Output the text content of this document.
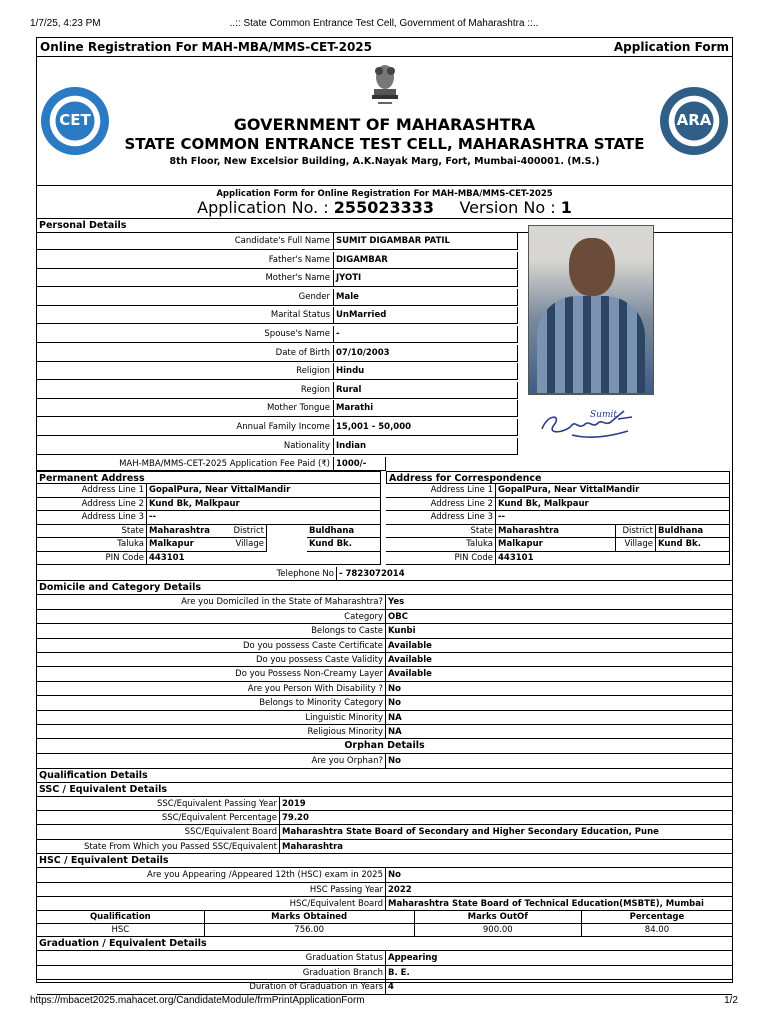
1/7/25, 4:23 PM	..:: State Common Entrance Test Cell, Government of Maharashtra ::..
Online Registration For MAH-MBA/MMS-CET-2025	Application Form
CET	ARA
GOVERNMENT OF MAHARASHTRA
STATE COMMON ENTRANCE TEST CELL, MAHARASHTRA STATE
8th Floor, New Excelsior Building, A.K.Nayak Marg, Fort, Mumbai-400001. (M.S.)
Application Form for Online Registration For MAH-MBA/MMS-CET-2025
Application No. : 255023333 Version No : 1
Personal Details
Candidate's Full Name SUMIT DIGAMBAR PATIL
Father's Name DIGAMBAR
Mother's Name JYOTI
Gender Male
Marital Status UnMarried
Spouse's Name -
Date of Birth 07/10/2003
Religion Hindu
Region Rural
Mother Tongue Marathi
Annual Family Income 15,001 - 50,000
Nationality Indian
MAH-MBA/MMS-CET-2025 Application Fee Paid (₹) 1000/-
Permanent Address
Address Line 1 GopalPura, Near VittalMandir
Address Line 2 Kund Bk, Malkpaur
Address Line 3 --
State Maharashtra	District	Buldhana
Taluka Malkapur	Village	Kund Bk.
PIN Code 443101
Address for Correspondence
Address Line 1 GopalPura, Near VittalMandir
Address Line 2 Kund Bk, Malkpaur
Address Line 3 --
State Maharashtra	District Buldhana
Taluka Malkapur	Village Kund Bk.
PIN Code 443101
Telephone No - 7823072014
Domicile and Category Details
Are you Domiciled in the State of Maharashtra? Yes
Category OBC
Belongs to Caste Kunbi
Do you possess Caste Certificate Available
Do you possess Caste Validity Available
Do you Possess Non-Creamy Layer Available
Are you Person With Disability ? No
Belongs to Minority Category No
Linguistic Minority NA
Religious Minority NA
Orphan Details
Are you Orphan? No
Qualification Details
SSC / Equivalent Details
SSC/Equivalent Passing Year 2019
SSC/Equivalent Percentage 79.20
SSC/Equivalent Board Maharashtra State Board of Secondary and Higher Secondary Education, Pune
State From Which you Passed SSC/Equivalent Maharashtra
HSC / Equivalent Details
Are you Appearing /Appeared 12th (HSC) exam in 2025 No
HSC Passing Year 2022
HSC/Equivalent Board Maharashtra State Board of Technical Education(MSBTE), Mumbai
Qualification	Marks Obtained	Marks OutOf	Percentage
HSC	756.00	900.00	84.00
Graduation / Equivalent Details
Graduation Status Appearing
Graduation Branch B. E.
Duration of Graduation in Years 4
Sumit
https://mbacet2025.mahacet.org/CandidateModule/frmPrintApplicationForm	1/2
